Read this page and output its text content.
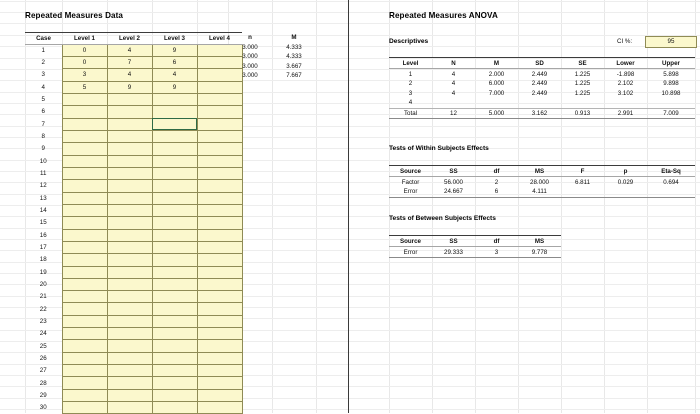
Repeated Measures Data
Case	Level 1	Level 2	Level 3	Level 4
1	0	4	9	
2	0	7	6	
3	3	4	4	
4	5	9	9	
5				
6				
7				
8				
9				
10				
11				
12				
13				
14				
15				
16				
17				
18				
19				
20				
21				
22				
23				
24				
25				
26				
27				
28				
29				
30				
n	M
3.000	4.333
3.000	4.333
3.000	3.667
3.000	7.667
Repeated Measures ANOVA
Descriptives	CI %:	95
Level	N	M	SD	SE	Lower	Upper
1	4	2.000	2.449	1.225	-1.898	5.898
2	4	6.000	2.449	1.225	2.102	9.898
3	4	7.000	2.449	1.225	3.102	10.898
4						
Total	12	5.000	3.162	0.913	2.991	7.009
Tests of Within Subjects Effects
Source	SS	df	MS	F	p	Eta-Sq
Factor	56.000	2	28.000	6.811	0.029	0.694
Error	24.667	6	4.111			
Tests of Between Subjects Effects
Source	SS	df	MS
Error	29.333	3	9.778
